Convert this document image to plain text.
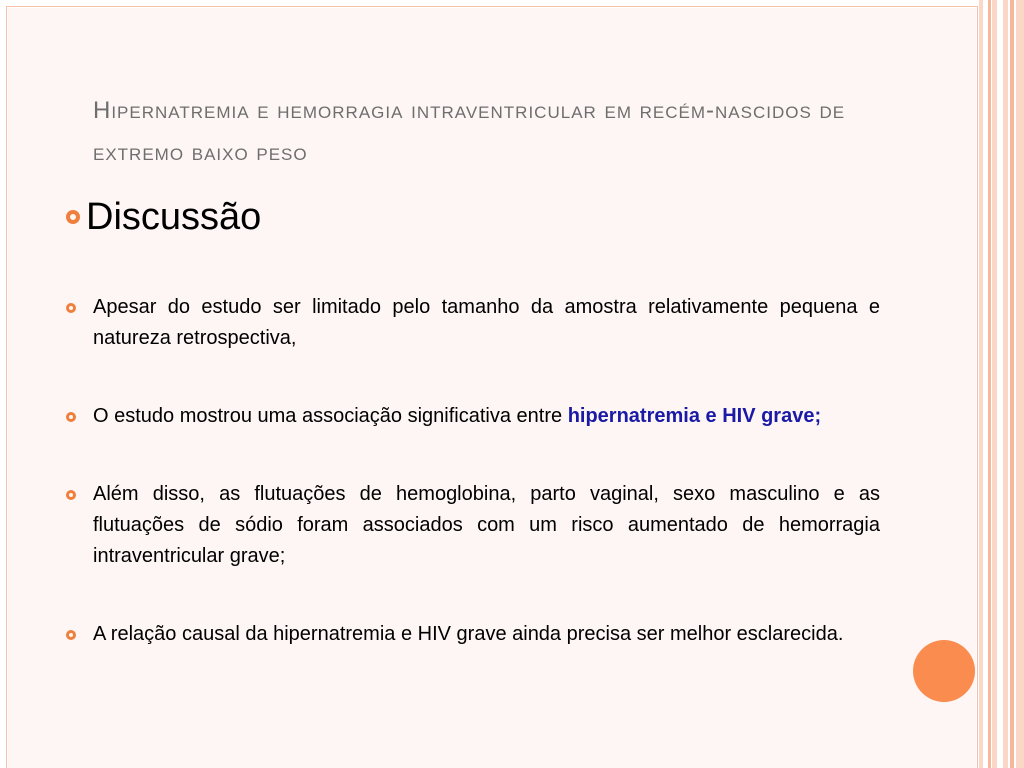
Hipernatremia e hemorragia intraventricular em recém-nascidos de extremo baixo peso
Discussão
Apesar do estudo ser limitado pelo tamanho da amostra relativamente pequena e natureza retrospectiva,
O estudo mostrou uma associação significativa entre hipernatremia e HIV grave;
Além disso, as flutuações de hemoglobina, parto vaginal, sexo masculino e as flutuações de sódio foram associados com um risco aumentado de hemorragia intraventricular grave;
A relação causal da hipernatremia e HIV grave ainda precisa ser melhor esclarecida.
